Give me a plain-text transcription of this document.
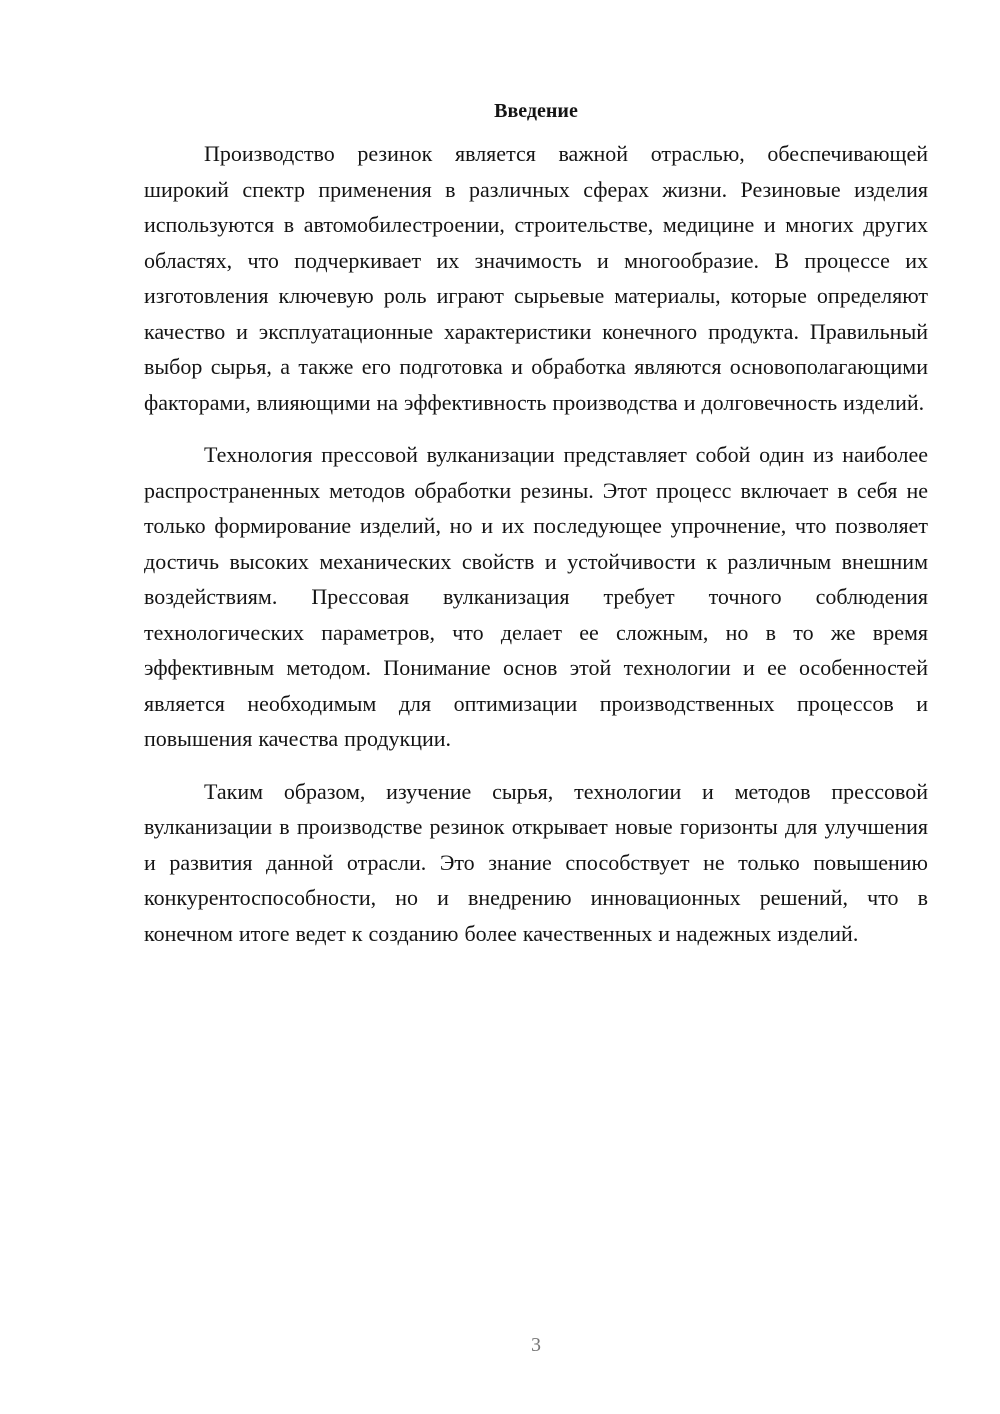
Введение

Производство резинок является важной отраслью, обеспечивающей широкий спектр применения в различных сферах жизни. Резиновые изделия используются в автомобилестроении, строительстве, медицине и многих других областях, что подчеркивает их значимость и многообразие. В процессе их изготовления ключевую роль играют сырьевые материалы, которые определяют качество и эксплуатационные характеристики конечного продукта. Правильный выбор сырья, а также его подготовка и обработка являются основополагающими факторами, влияющими на эффективность производства и долговечность изделий.

Технология прессовой вулканизации представляет собой один из наиболее распространенных методов обработки резины. Этот процесс включает в себя не только формирование изделий, но и их последующее упрочнение, что позволяет достичь высоких механических свойств и устойчивости к различным внешним воздействиям. Прессовая вулканизация требует точного соблюдения технологических параметров, что делает ее сложным, но в то же время эффективным методом. Понимание основ этой технологии и ее особенностей является необходимым для оптимизации производственных процессов и повышения качества продукции.

Таким образом, изучение сырья, технологии и методов прессовой вулканизации в производстве резинок открывает новые горизонты для улучшения и развития данной отрасли. Это знание способствует не только повышению конкурентоспособности, но и внедрению инновационных решений, что в конечном итоге ведет к созданию более качественных и надежных изделий.

3
